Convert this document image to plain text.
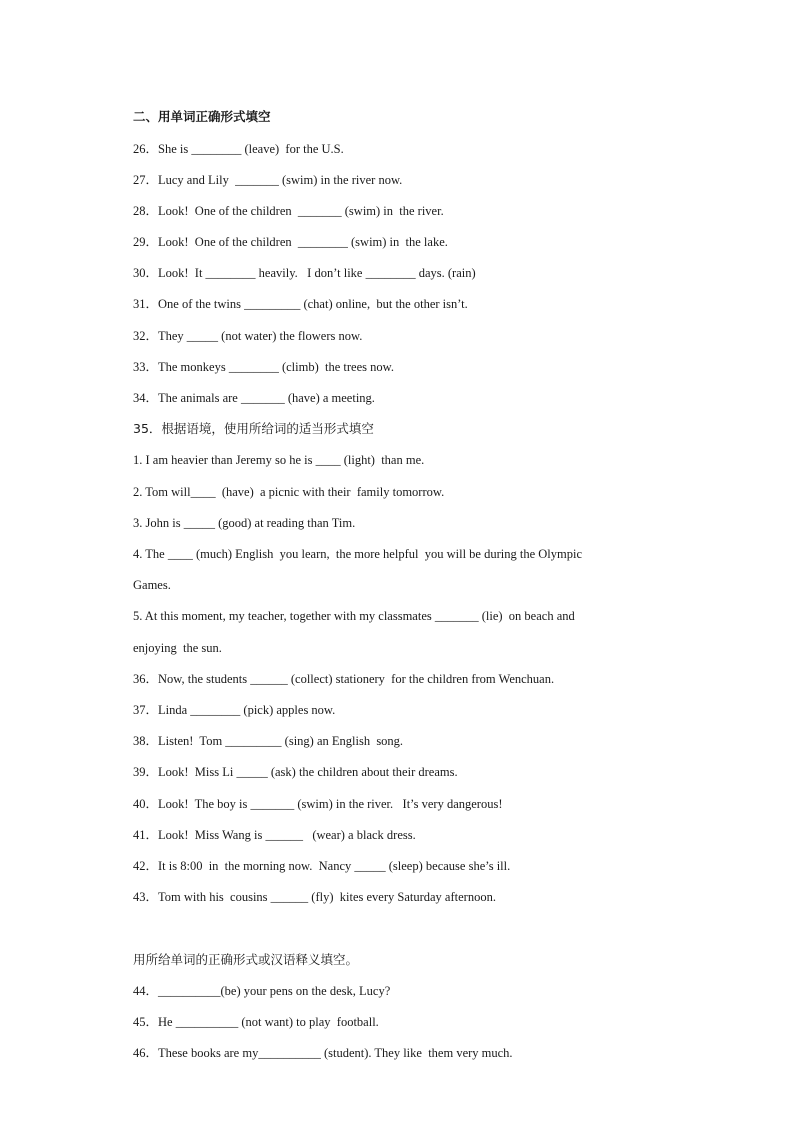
二、用单词正确形式填空
26．She is ________ (leave)  for the U.S.
27．Lucy and Lily  _______ (swim) in the river now.
28．Look!  One of the children  _______ (swim) in  the river.
29．Look!  One of the children  ________ (swim) in  the lake.
30．Look!  It ________ heavily.   I don’t like ________ days. (rain)
31．One of the twins _________ (chat) online,  but the other isn’t.
32．They _____ (not water) the flowers now.
33．The monkeys ________ (climb)  the trees now.
34．The animals are _______ (have) a meeting.
35．根据语境，使用所给词的适当形式填空
1. I am heavier than Jeremy so he is ____ (light)  than me.
2. Tom will____  (have)  a picnic with their  family tomorrow.
3. John is _____ (good) at reading than Tim.
4. The ____ (much) English  you learn,  the more helpful  you will be during the Olympic
Games.
5. At this moment, my teacher, together with my classmates _______ (lie)  on beach and
enjoying  the sun.
36．Now, the students ______ (collect) stationery  for the children from Wenchuan.
37．Linda ________ (pick) apples now.
38．Listen!  Tom _________ (sing) an English  song.
39．Look!  Miss Li _____ (ask) the children about their dreams.
40．Look!  The boy is _______ (swim) in the river.   It’s very dangerous!
41．Look!  Miss Wang is ______   (wear) a black dress.
42．It is 8:00  in  the morning now.  Nancy _____ (sleep) because she’s ill.
43．Tom with his  cousins ______ (fly)  kites every Saturday afternoon.
用所给单词的正确形式或汉语释义填空。
44．__________(be) your pens on the desk, Lucy?
45．He __________ (not want) to play  football.
46．These books are my__________ (student). They like  them very much.
